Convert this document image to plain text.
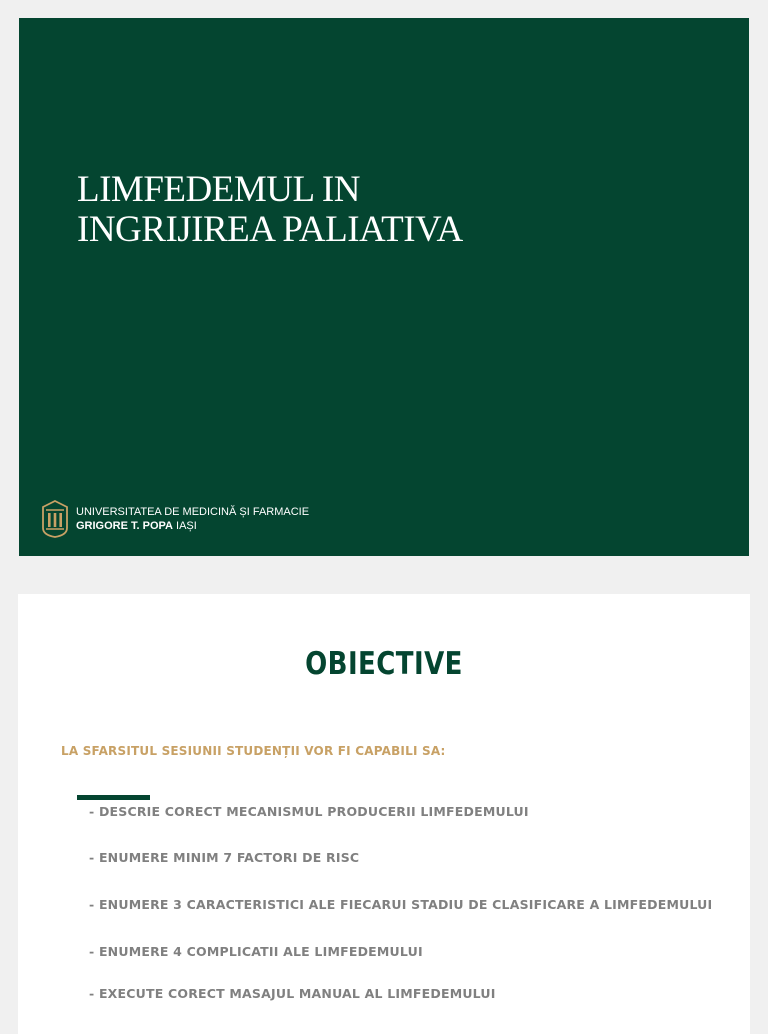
LIMFEDEMUL IN
INGRIJIREA PALIATIVA
UNIVERSITATEA DE MEDICINĂ ȘI FARMACIE
GRIGORE T. POPA IAȘI
OBIECTIVE

LA SFARSITUL SESIUNII STUDENȚII VOR FI CAPABILI SA:

- DESCRIE CORECT MECANISMUL PRODUCERII LIMFEDEMULUI

- ENUMERE MINIM 7 FACTORI DE RISC

- ENUMERE 3 CARACTERISTICI ALE FIECARUI STADIU DE CLASIFICARE A LIMFEDEMULUI

- ENUMERE 4 COMPLICATII ALE LIMFEDEMULUI

- EXECUTE CORECT MASAJUL MANUAL AL LIMFEDEMULUI
